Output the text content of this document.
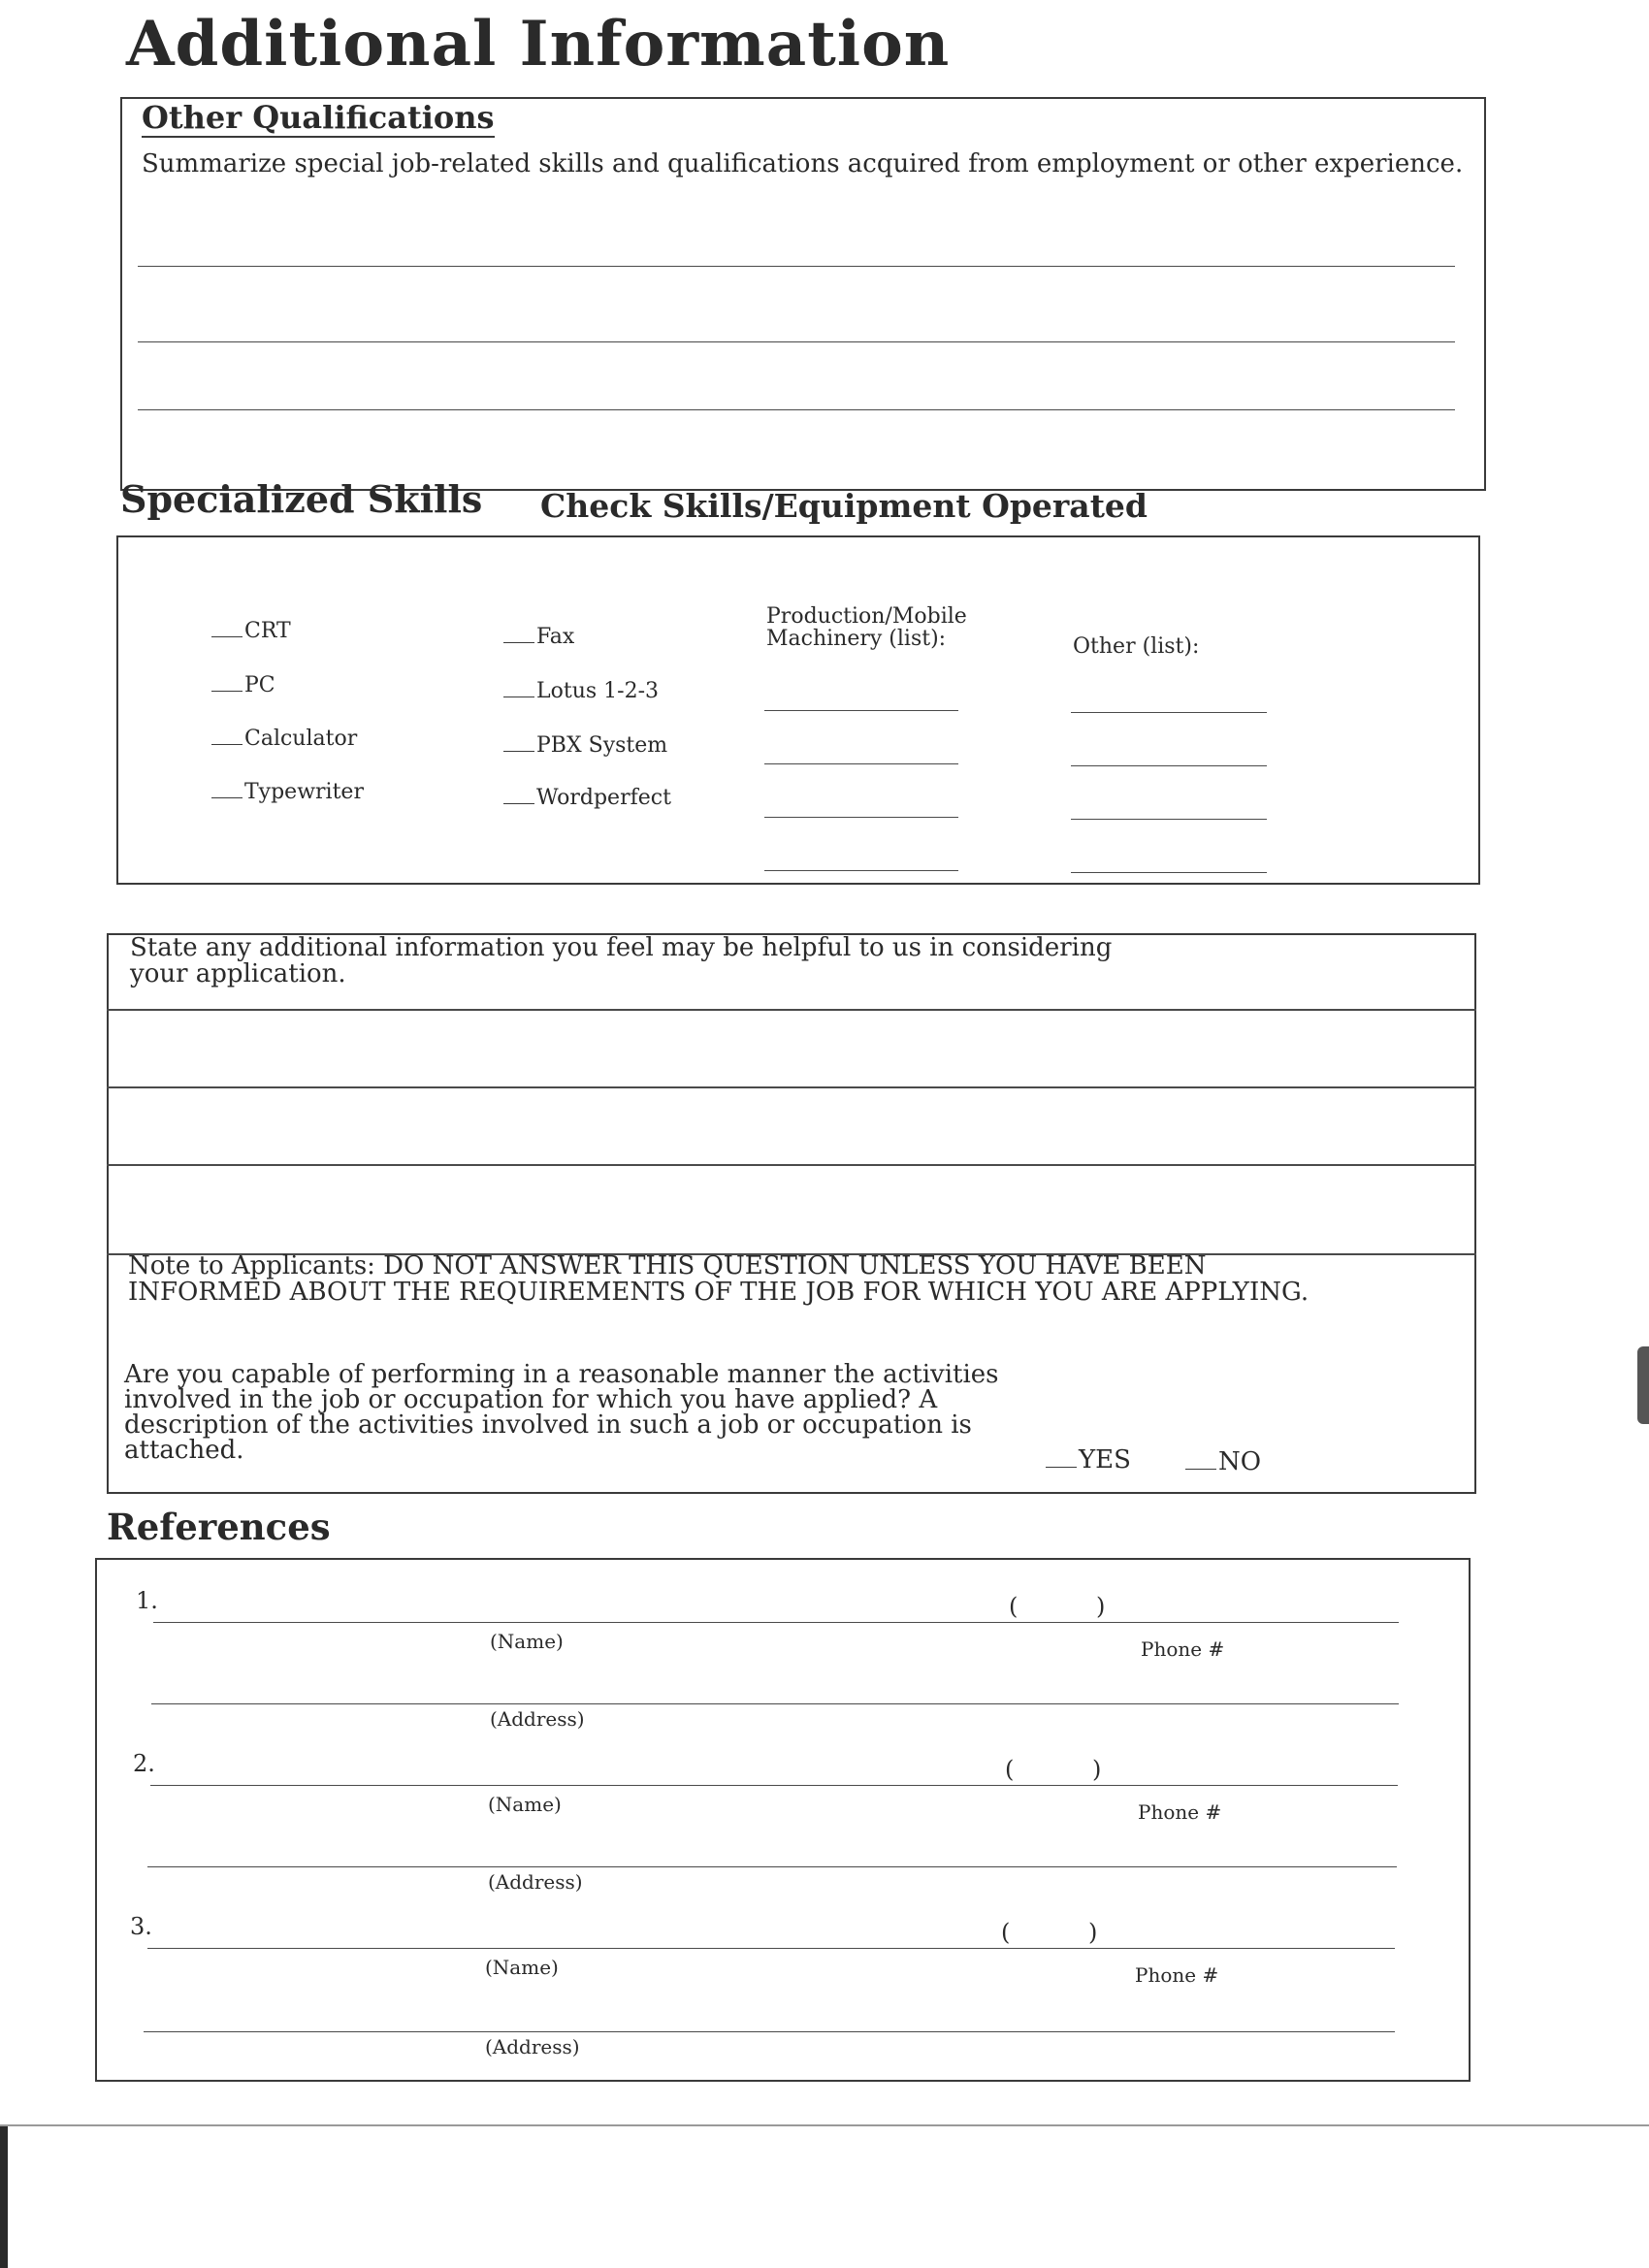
Additional Information
Other Qualifications
Summarize special job-related skills and qualifications acquired from employment or other experience.
Specialized Skills Check Skills/Equipment Operated
CRT
PC
Calculator
Typewriter
Fax
Lotus 1-2-3
PBX System
Wordperfect
Production/Mobile
Machinery (list):	Other (list):
State any additional information you feel may be helpful to us in considering
your application.
Note to Applicants: DO NOT ANSWER THIS QUESTION UNLESS YOU HAVE BEEN
INFORMED ABOUT THE REQUIREMENTS OF THE JOB FOR WHICH YOU ARE APPLYING.
Are you capable of performing in a reasonable manner the activities
involved in the job or occupation for which you have applied? A
description of the activities involved in such a job or occupation is
attached.	YES	NO
References
1.	(	)
(Name)	Phone #
(Address)
2.	(	)
(Name)	Phone #
(Address)
3.	(	)
(Name)	Phone #
(Address)
